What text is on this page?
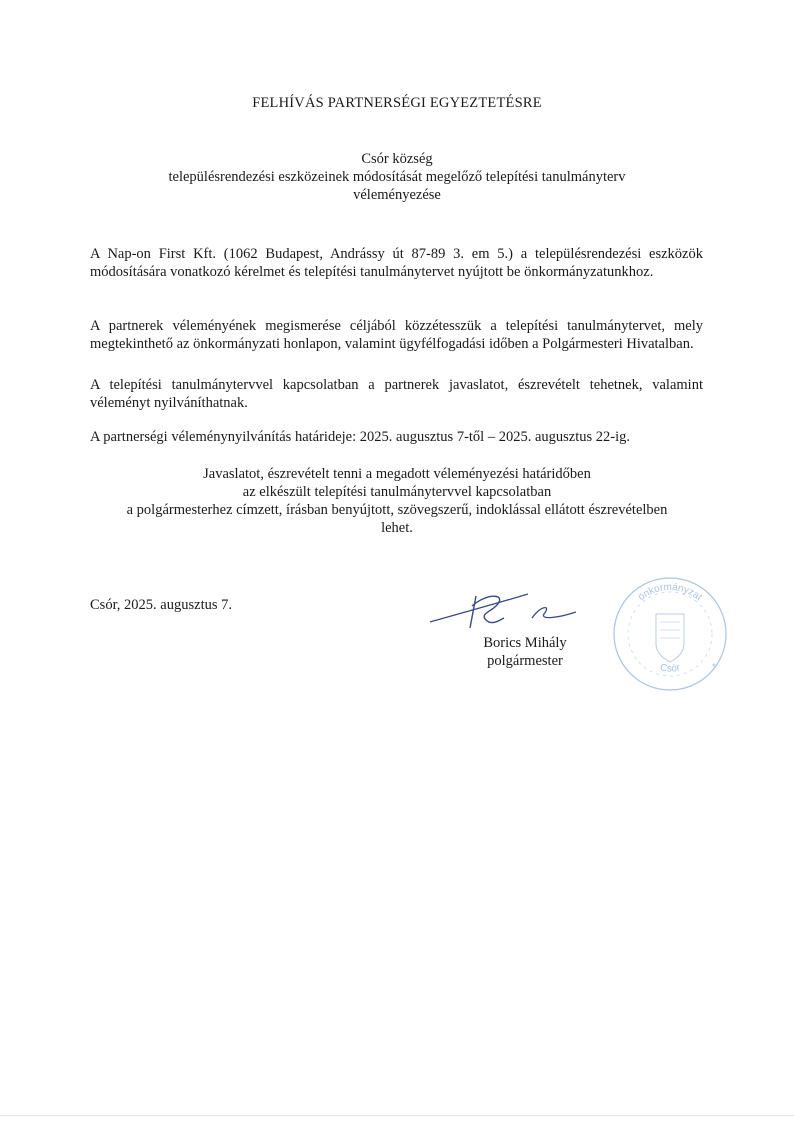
FELHÍVÁS PARTNERSÉGI EGYEZTETÉSRE
Csór község
településrendezési eszközeinek módosítását megelőző telepítési tanulmányterv
véleményezése
A Nap-on First Kft. (1062 Budapest, Andrássy út 87-89 3. em 5.) a településrendezési eszközök módosítására vonatkozó kérelmet és telepítési tanulmánytervet nyújtott be önkormányzatunkhoz.
A partnerek véleményének megismerése céljából közzétesszük a telepítési tanulmánytervet, mely megtekinthető az önkormányzati honlapon, valamint ügyfélfogadási időben a Polgármesteri Hivatalban.
A telepítési tanulmánytervvel kapcsolatban a partnerek javaslatot, észrevételt tehetnek, valamint véleményt nyilváníthatnak.
A partnerségi véleménynyilvánítás határideje: 2025. augusztus 7-től – 2025. augusztus 22-ig.
Javaslatot, észrevételt tenni a megadott véleményezési határidőben
az elkészült telepítési tanulmánytervvel kapcsolatban
a polgármesterhez címzett, írásban benyújtott, szövegszerű, indoklással ellátott észrevételben
lehet.
Csór, 2025. augusztus 7.	önkormányzat
Csór	*
Borics Mihály
polgármester
